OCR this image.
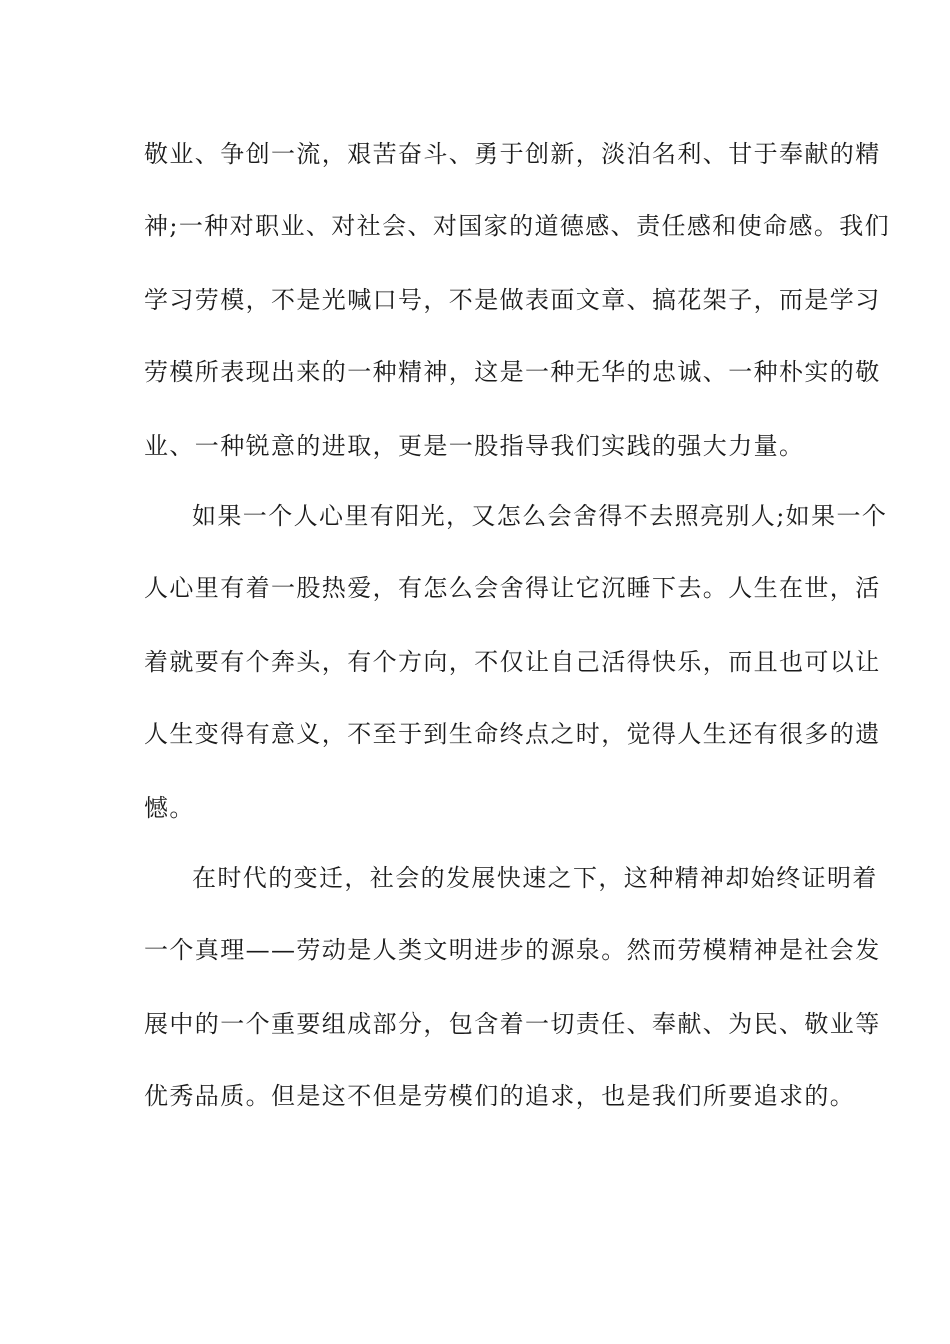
敬业、争创一流，艰苦奋斗、勇于创新，淡泊名利、甘于奉献的精

神;一种对职业、对社会、对国家的道德感、责任感和使命感。我们

学习劳模，不是光喊口号，不是做表面文章、搞花架子，而是学习

劳模所表现出来的一种精神，这是一种无华的忠诚、一种朴实的敬

业、一种锐意的进取，更是一股指导我们实践的强大力量。

如果一个人心里有阳光，又怎么会舍得不去照亮别人;如果一个

人心里有着一股热爱，有怎么会舍得让它沉睡下去。人生在世，活

着就要有个奔头，有个方向，不仅让自己活得快乐，而且也可以让

人生变得有意义，不至于到生命终点之时，觉得人生还有很多的遗

憾。

在时代的变迁，社会的发展快速之下，这种精神却始终证明着

一个真理——劳动是人类文明进步的源泉。然而劳模精神是社会发

展中的一个重要组成部分，包含着一切责任、奉献、为民、敬业等

优秀品质。但是这不但是劳模们的追求，也是我们所要追求的。
